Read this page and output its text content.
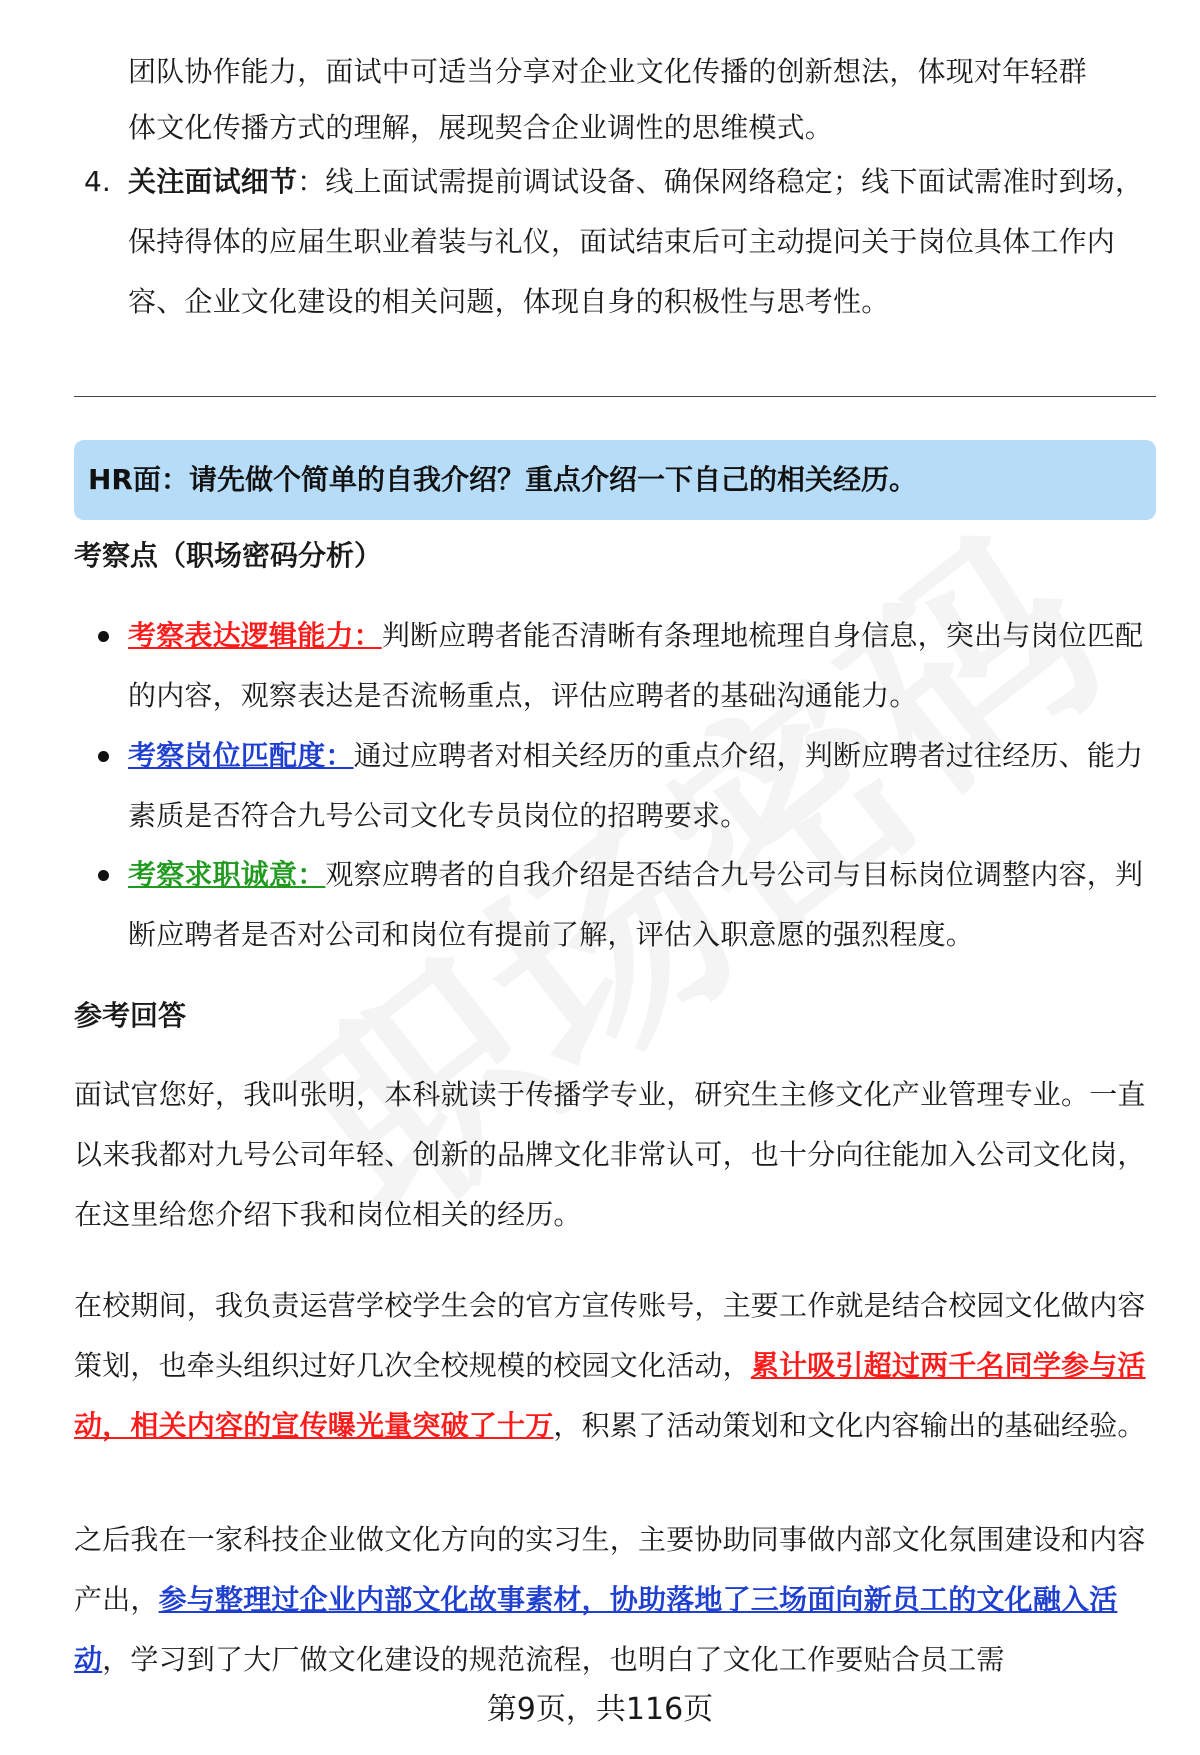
团队协作能力，面试中可适当分享对企业文化传播的创新想法，体现对年轻群

体文化传播方式的理解，展现契合企业调性的思维模式。

4. 关注面试细节：线上面试需提前调试设备、确保网络稳定；线下面试需准时到场，保持得体的应届生职业着装与礼仪，面试结束后可主动提问关于岗位具体工作内容、企业文化建设的相关问题，体现自身的积极性与思考性。

HR面：请先做个简单的自我介绍？重点介绍一下自己的相关经历。
考察点（职场密码分析）

考察表达逻辑能力：判断应聘者能否清晰有条理地梳理自身信息，突出与岗位匹配的内容，观察表达是否流畅重点，评估应聘者的基础沟通能力。

考察岗位匹配度：通过应聘者对相关经历的重点介绍，判断应聘者过往经历、能力素质是否符合九号公司文化专员岗位的招聘要求。

考察求职诚意：观察应聘者的自我介绍是否结合九号公司与目标岗位调整内容，判断应聘者是否对公司和岗位有提前了解，评估入职意愿的强烈程度。

参考回答

面试官您好，我叫张明，本科就读于传播学专业，研究生主修文化产业管理专业。一直以来我都对九号公司年轻、创新的品牌文化非常认可，也十分向往能加入公司文化岗，在这里给您介绍下我和岗位相关的经历。

在校期间，我负责运营学校学生会的官方宣传账号，主要工作就是结合校园文化做内容策划，也牵头组织过好几次全校规模的校园文化活动，累计吸引超过两千名同学参与活动，相关内容的宣传曝光量突破了十万，积累了活动策划和文化内容输出的基础经验。

之后我在一家科技企业做文化方向的实习生，主要协助同事做内部文化氛围建设和内容产出，参与整理过企业内部文化故事素材，协助落地了三场面向新员工的文化融入活动，学习到了大厂做文化建设的规范流程，也明白了文化工作要贴合员工需

第9页，共116页
